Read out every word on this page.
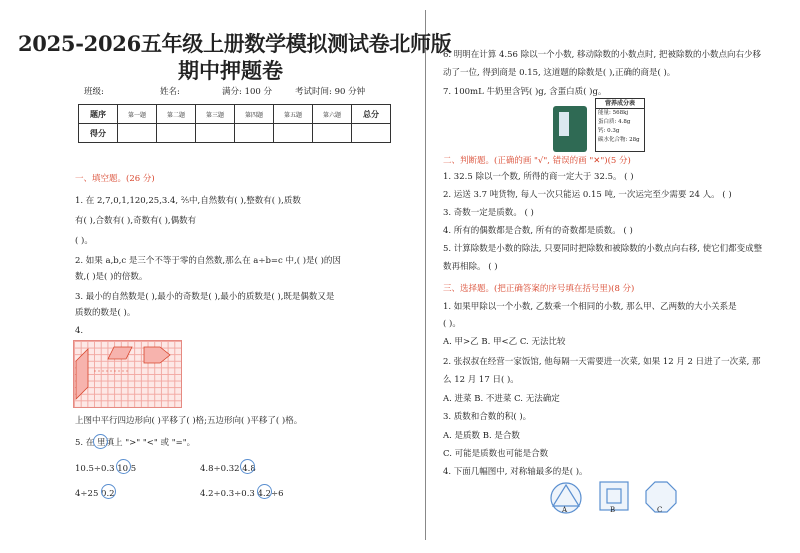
2025-2026五年级上册数学模拟测试卷北师版
期中押题卷
班级:	姓名:	满分: 100 分	考试时间: 90 分钟
题序	第一题	第二题	第三题	第四题	第五题	第六题	总分
得分							
一、填空题。(26 分)
1. 在 2,7,0,1,120,25,3.4, ²⁄₅中,自然数有( ),整数有( ),质数
有( ),合数有( ),奇数有( ),偶数有
( )。
2. 如果 a,b,c 是三个不等于零的自然数,那么在 a÷b=c 中,( )是( )的因
数,( )是( )的倍数。
3. 最小的自然数是( ),最小的奇数是( ),最小的质数是( ),既是偶数又是
质数的数是( )。
4.
上图中平行四边形向( )平移了( )格;五边形向( )平移了( )格。
5. 在 里填上 ">" "<" 或 "="。
10.5÷0.3 10.5	4.8÷0.32 4.8
4÷25 0.2	4.2÷0.3÷0.3 4.2÷6
6. 明明在计算 4.56 除以一个小数, 移动除数的小数点时, 把被除数的小数点向右少移
动了一位, 得到商是 0.15, 这道题的除数是( ),正确的商是( )。
7. 100mL 牛奶里含钙( )g, 含蛋白质( )g。
营养成分表
能量: 568kj
蛋白质: 4.8g
钙: 0.3g
碳水化合物: 28g
二、判断题。(正确的画 "√", 错误的画 "✕")(5 分)
1. 32.5 除以一个数, 所得的商一定大于 32.5。 ( )
2. 运送 3.7 吨货物, 每人一次只能运 0.15 吨, 一次运完至少需要 24 人。 ( )
3. 奇数一定是质数。 ( )
4. 所有的偶数都是合数, 所有的奇数都是质数。 ( )
5. 计算除数是小数的除法, 只要同时把除数和被除数的小数点向右移, 使它们都变成整
数再相除。 ( )
三、选择题。(把正确答案的序号填在括号里)(8 分)
1. 如果甲除以一个小数, 乙数乘一个相同的小数, 那么甲、乙两数的大小关系是
( )。
A. 甲>乙 B. 甲<乙 C. 无法比较
2. 张叔叔在经营一家饭馆, 他每隔一天需要进一次菜, 如果 12 月 2 日进了一次菜, 那
么 12 月 17 日( )。
A. 进菜 B. 不进菜 C. 无法确定
3. 质数和合数的积( )。
A. 是质数 B. 是合数
C. 可能是质数也可能是合数
4. 下面几幅图中, 对称轴最多的是( )。
A	B	C
